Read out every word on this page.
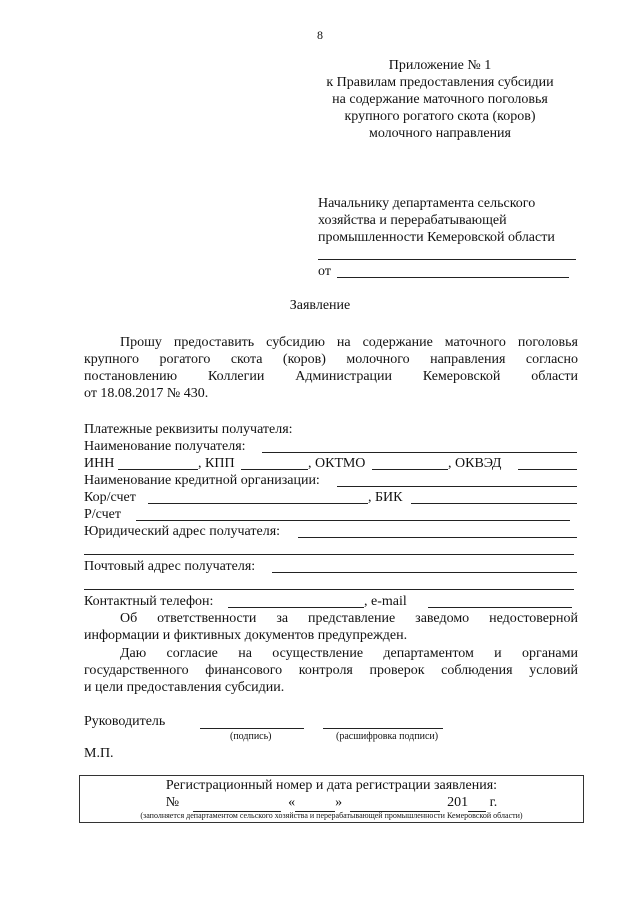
8
Приложение № 1
к Правилам предоставления субсидии
на содержание маточного поголовья
крупного рогатого скота (коров)
молочного направления
Начальнику департамента сельского
хозяйства и перерабатывающей
промышленности Кемеровской области
от
Заявление
Прошу предоставить субсидию на содержание маточного поголовья
крупного рогатого скота (коров) молочного направления согласно
постановлению Коллегии Администрации Кемеровской области
от 18.08.2017 № 430.
Платежные реквизиты получателя:
Наименование получателя:
ИНН	, КПП	, ОКТМО	, ОКВЭД
Наименование кредитной организации:
Кор/счет	, БИК
Р/счет
Юридический адрес получателя:
Почтовый адрес получателя:
Контактный телефон:	, e-mail
Об ответственности за представление заведомо недостоверной
информации и фиктивных документов предупрежден.
Даю согласие на осуществление департаментом и органами
государственного финансового контроля проверок соблюдения условий
и цели предоставления субсидии.
Руководитель
(подпись)	(расшифровка подписи)
М.П.
Регистрационный номер и дата регистрации заявления:
№	«	»	201 г.
(заполняется департаментом сельского хозяйства и перерабатывающей промышленности Кемеровской области)
